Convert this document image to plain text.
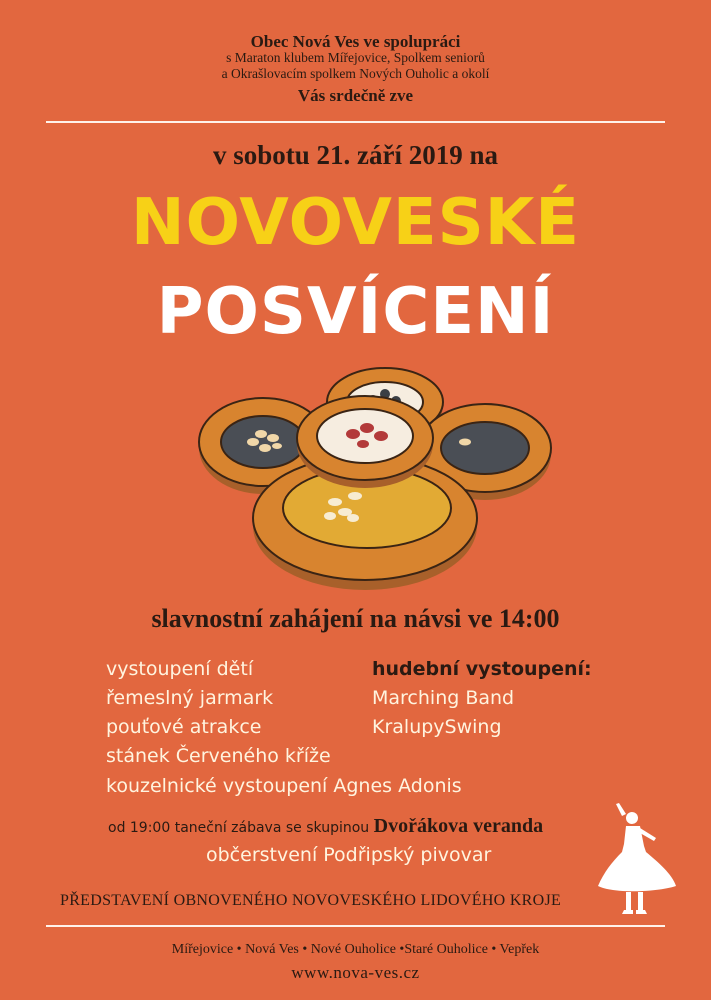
Obec Nová Ves ve spolupráci
s Maraton klubem Mířejovice, Spolkem seniorů
a Okrašlovacím spolkem Nových Ouholic a okolí
Vás srdečně zve
v sobotu 21. září 2019 na
NOVOVESKÉ
POSVÍCENÍ
slavnostní zahájení na návsi ve 14:00
vystoupení dětí
řemeslný jarmark
pouťové atrakce
stánek Červeného kříže
hudební vystoupení:
Marching Band
KralupySwing
kouzelnické vystoupení Agnes Adonis
od 19:00 taneční zábava se skupinou Dvořákova veranda
občerstvení Podřipský pivovar
PŘEDSTAVENÍ OBNOVENÉHO NOVOVESKÉHO LIDOVÉHO KROJE
Mířejovice • Nová Ves • Nové Ouholice •Staré Ouholice • Vepřek
www.nova-ves.cz
